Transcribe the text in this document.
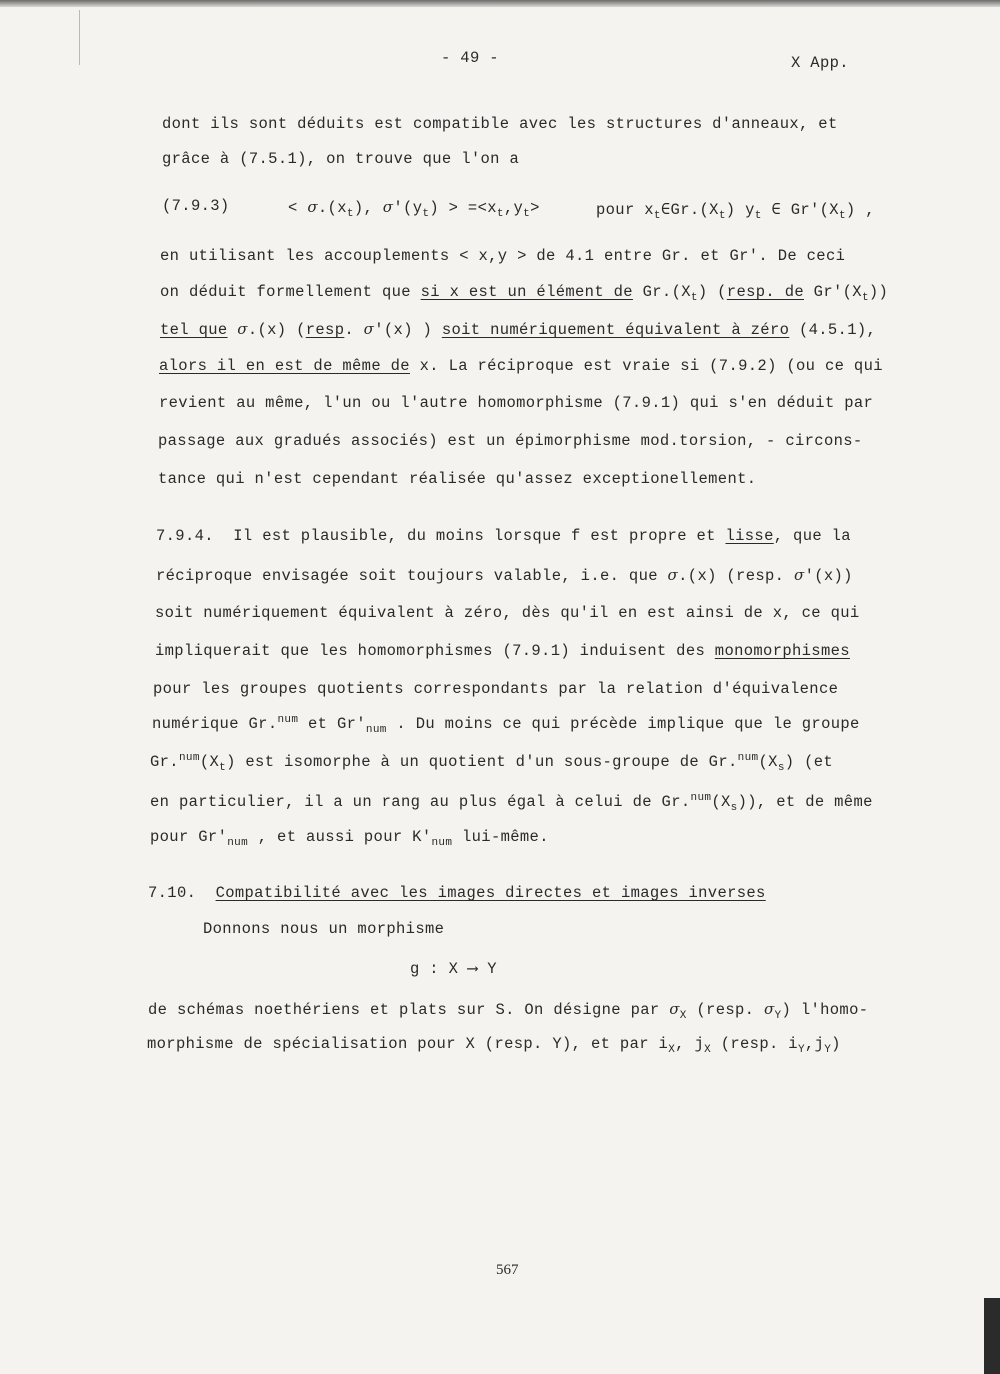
- 49 -	X App.
dont ils sont déduits est compatible avec les structures d'anneaux, et
grâce à (7.5.1), on trouve que l'on a
(7.9.3)	< $\sigma.(x_t)$, $\sigma'(y_t) > =<x_t,y_t>$	pour $x_t\in Gr.(X_t)$ $y_t$ ∈ $Gr'(X_t)$ ,
en utilisant les accouplements < x,y > de 4.1 entre Gr. et Gr'. De ceci
on déduit formellement que si x est un élément de $Gr.(X_t)$ (resp. de $Gr'(X_t)$)
tel que σ.(x) (resp. σ'(x) ) soit numériquement équivalent à zéro (4.5.1),
alors il en est de même de x. La réciproque est vraie si (7.9.2) (ou ce qui
revient au même, l'un ou l'autre homomorphisme (7.9.1) qui s'en déduit par
passage aux gradués associés) est un épimorphisme mod.torsion, - circons-
tance qui n'est cependant réalisée qu'assez exceptionellement.
7.9.4. Il est plausible, du moins lorsque f est propre et lisse, que la
réciproque envisagée soit toujours valable, i.e. que σ.(x) (resp. σ'(x))
soit numériquement équivalent à zéro, dès qu'il en est ainsi de x, ce qui
impliquerait que les homomorphismes (7.9.1) induisent des monomorphismes
pour les groupes quotients correspondants par la relation d'équivalence
numérique Gr.$^{num}$ et $Gr'_{num}$ . Du moins ce qui précède implique que le groupe
$Gr.^{num}(X_t)$ est isomorphe à un quotient d'un sous-groupe de $Gr.^{num}(X_s)$ (et
en particulier, il a un rang au plus égal à celui de $Gr.^{num}(X_s)$), et de même
pour $Gr'_{num}$ , et aussi pour $K'_{num}$ lui-même.
7.10. Compatibilité avec les images directes et images inverses
Donnons nous un morphisme
g : X ⟶ Y
de schémas noethériens et plats sur S. On désigne par $\sigma_X$ (resp. $\sigma_Y$) l'homo-
morphisme de spécialisation pour X (resp. Y), et par $i_X$, $j_X$ (resp. $i_Y,j_Y$)
567
